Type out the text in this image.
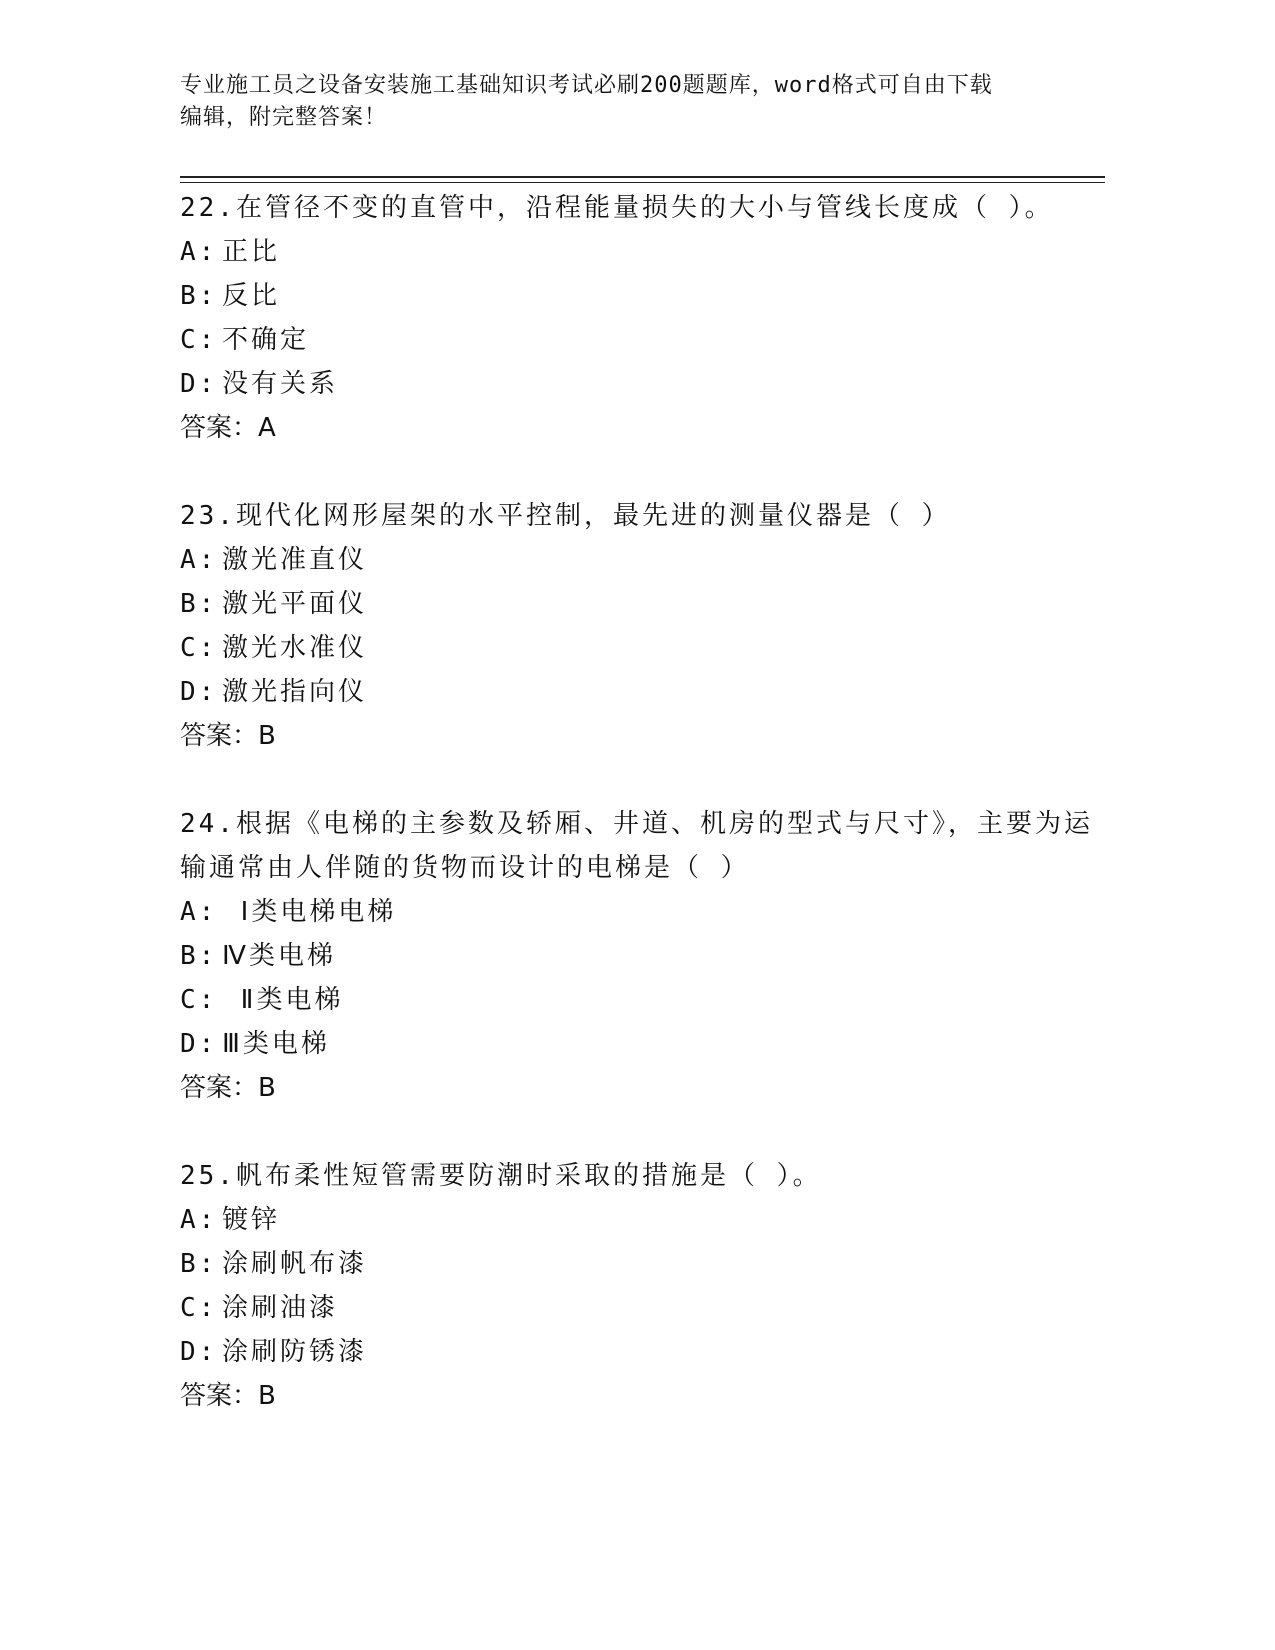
专业施工员之设备安装施工基础知识考试必刷200题题库，word格式可自由下载
编辑，附完整答案！
22.在管径不变的直管中，沿程能量损失的大小与管线长度成（ ）。
A: 正比
B: 反比
C: 不确定
D: 没有关系
答案：A
23.现代化网形屋架的水平控制，最先进的测量仪器是（ ）
A: 激光准直仪
B: 激光平面仪
C: 激光水准仪
D: 激光指向仪
答案：B
24.根据《电梯的主参数及轿厢、井道、机房的型式与尺寸》，主要为运输通常由人伴随的货物而设计的电梯是（ ）
A: Ⅰ类电梯电梯
B: Ⅳ类电梯
C: Ⅱ类电梯
D: Ⅲ类电梯
答案：B
25.帆布柔性短管需要防潮时采取的措施是（ ）。
A: 镀锌
B: 涂刷帆布漆
C: 涂刷油漆
D: 涂刷防锈漆
答案：B
